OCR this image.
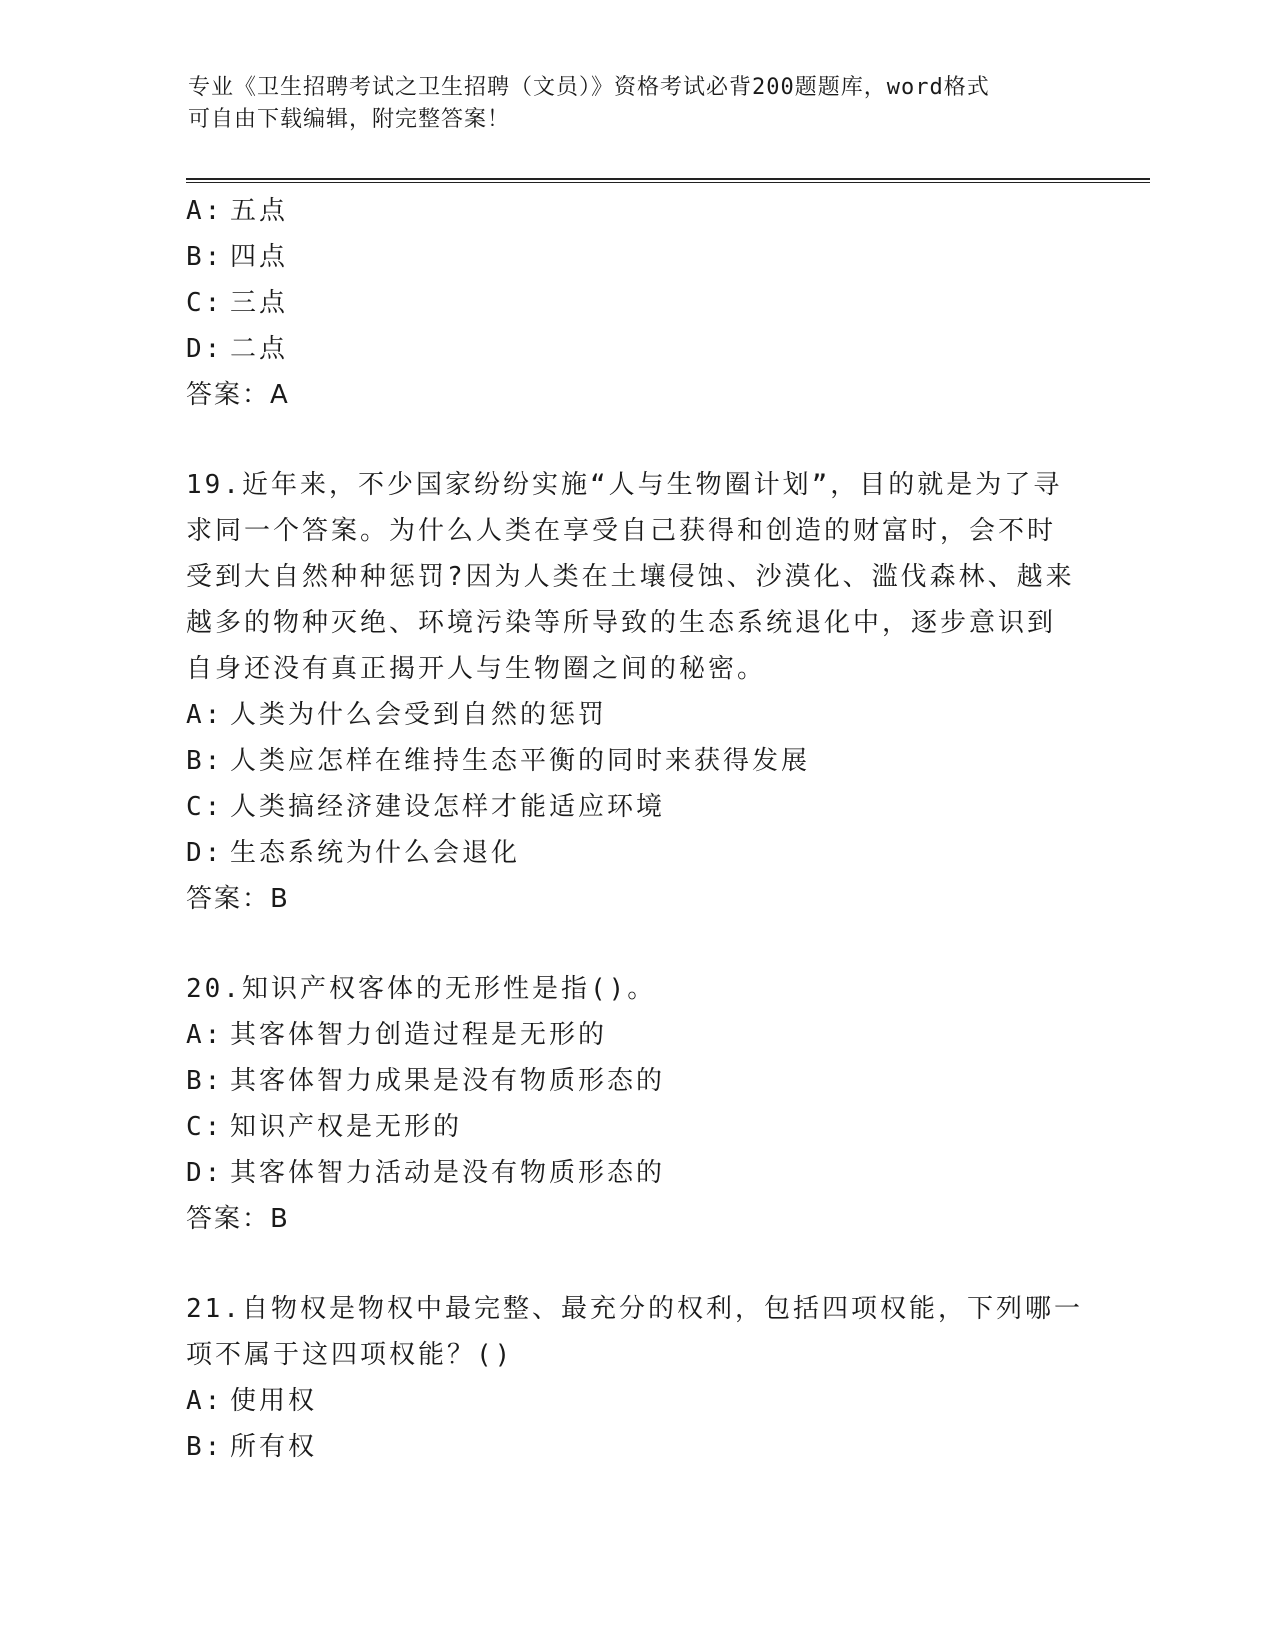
专业《卫生招聘考试之卫生招聘（文员）》资格考试必背200题题库，word格式
可自由下载编辑，附完整答案！
A: 五点
B: 四点
C: 三点
D: 二点
答案：A
19.近年来，不少国家纷纷实施“人与生物圈计划”，目的就是为了寻
求同一个答案。为什么人类在享受自己获得和创造的财富时，会不时
受到大自然种种惩罚?因为人类在土壤侵蚀、沙漠化、滥伐森林、越来
越多的物种灭绝、环境污染等所导致的生态系统退化中，逐步意识到
自身还没有真正揭开人与生物圈之间的秘密。
A: 人类为什么会受到自然的惩罚
B: 人类应怎样在维持生态平衡的同时来获得发展
C: 人类搞经济建设怎样才能适应环境
D: 生态系统为什么会退化
答案：B
20.知识产权客体的无形性是指()。
A: 其客体智力创造过程是无形的
B: 其客体智力成果是没有物质形态的
C: 知识产权是无形的
D: 其客体智力活动是没有物质形态的
答案：B
21.自物权是物权中最完整、最充分的权利，包括四项权能，下列哪一
项不属于这四项权能？()
A: 使用权
B: 所有权
